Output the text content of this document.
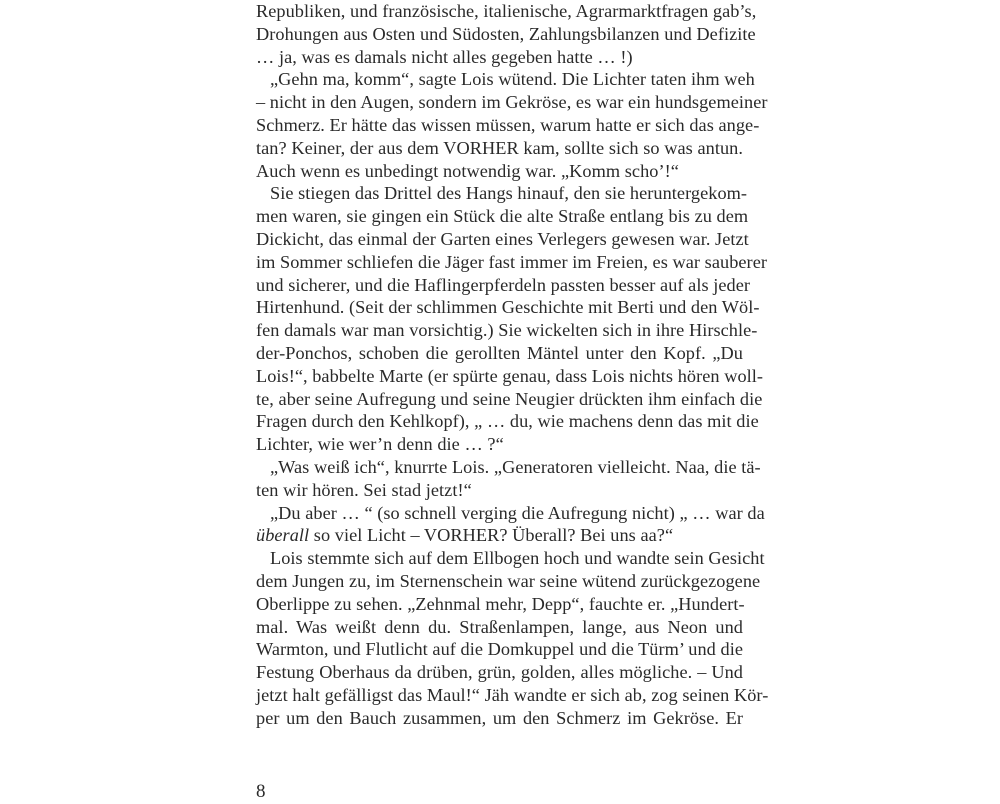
Republiken, und französische, italienische, Agrarmarktfragen gab’s,
Drohungen aus Osten und Südosten, Zahlungsbilanzen und Defizite
… ja, was es damals nicht alles gegeben hatte … !)
„Gehn ma, komm“, sagte Lois wütend. Die Lichter taten ihm weh
– nicht in den Augen, sondern im Gekröse, es war ein hundsgemeiner
Schmerz. Er hätte das wissen müssen, warum hatte er sich das ange-
tan? Keiner, der aus dem VORHER kam, sollte sich so was antun.
Auch wenn es unbedingt notwendig war. „Komm scho’!“
Sie stiegen das Drittel des Hangs hinauf, den sie heruntergekom-
men waren, sie gingen ein Stück die alte Straße entlang bis zu dem
Dickicht, das einmal der Garten eines Verlegers gewesen war. Jetzt
im Sommer schliefen die Jäger fast immer im Freien, es war sauberer
und sicherer, und die Haflingerpferdeln passten besser auf als jeder
Hirtenhund. (Seit der schlimmen Geschichte mit Berti und den Wöl-
fen damals war man vorsichtig.) Sie wickelten sich in ihre Hirschle-
der-Ponchos, schoben die gerollten Mäntel unter den Kopf. „Du
Lois!“, babbelte Marte (er spürte genau, dass Lois nichts hören woll-
te, aber seine Aufregung und seine Neugier drückten ihm einfach die
Fragen durch den Kehlkopf), „ … du, wie machens denn das mit die
Lichter, wie wer’n denn die … ?“
„Was weiß ich“, knurrte Lois. „Generatoren vielleicht. Naa, die tä-
ten wir hören. Sei stad jetzt!“
„Du aber … “ (so schnell verging die Aufregung nicht) „ … war da
überall so viel Licht – VORHER? Überall? Bei uns aa?“
Lois stemmte sich auf dem Ellbogen hoch und wandte sein Gesicht
dem Jungen zu, im Sternenschein war seine wütend zurückgezogene
Oberlippe zu sehen. „Zehnmal mehr, Depp“, fauchte er. „Hundert-
mal. Was weißt denn du. Straßenlampen, lange, aus Neon und
Warmton, und Flutlicht auf die Domkuppel und die Türm’ und die
Festung Oberhaus da drüben, grün, golden, alles mögliche. – Und
jetzt halt gefälligst das Maul!“ Jäh wandte er sich ab, zog seinen Kör-
per um den Bauch zusammen, um den Schmerz im Gekröse. Er
8
